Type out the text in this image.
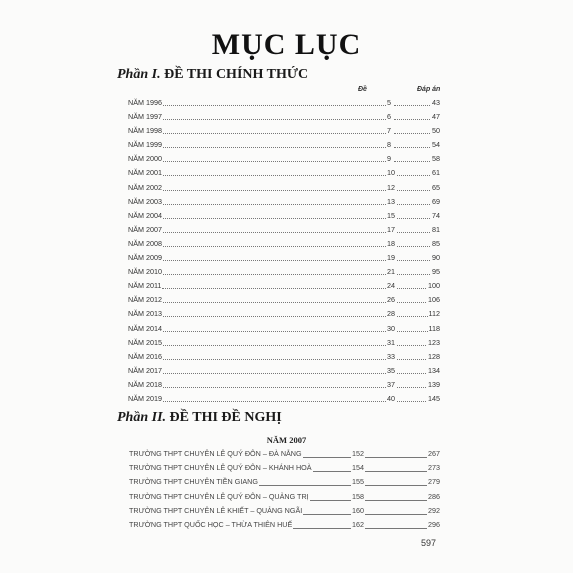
MỤC LỤC
Phần I. ĐỀ THI CHÍNH THỨC
Đề	Đáp án
NĂM 1996	5	43
NĂM 1997	6	47
NĂM 1998	7	50
NĂM 1999	8	54
NĂM 2000	9	58
NĂM 2001	10	61
NĂM 2002	12	65
NĂM 2003	13	69
NĂM 2004	15	74
NĂM 2007	17	81
NĂM 2008	18	85
NĂM 2009	19	90
NĂM 2010	21	95
NĂM 2011	24	100
NĂM 2012	26	106
NĂM 2013	28	112
NĂM 2014	30	118
NĂM 2015	31	123
NĂM 2016	33	128
NĂM 2017	35	134
NĂM 2018	37	139
NĂM 2019	40	145
Phần II. ĐỀ THI ĐỀ NGHỊ
NĂM 2007
TRƯỜNG THPT CHUYÊN LÊ QUÝ ĐÔN – ĐÀ NẴNG	152	267
TRƯỜNG THPT CHUYÊN LÊ QUÝ ĐÔN – KHÁNH HOÀ	154	273
TRƯỜNG THPT CHUYÊN TIỀN GIANG	155	279
TRƯỜNG THPT CHUYÊN LÊ QUÝ ĐÔN – QUẢNG TRỊ	158	286
TRƯỜNG THPT CHUYÊN LÊ KHIẾT – QUẢNG NGÃI	160	292
TRƯỜNG THPT QUỐC HỌC – THỪA THIÊN HUẾ	162	296
597
